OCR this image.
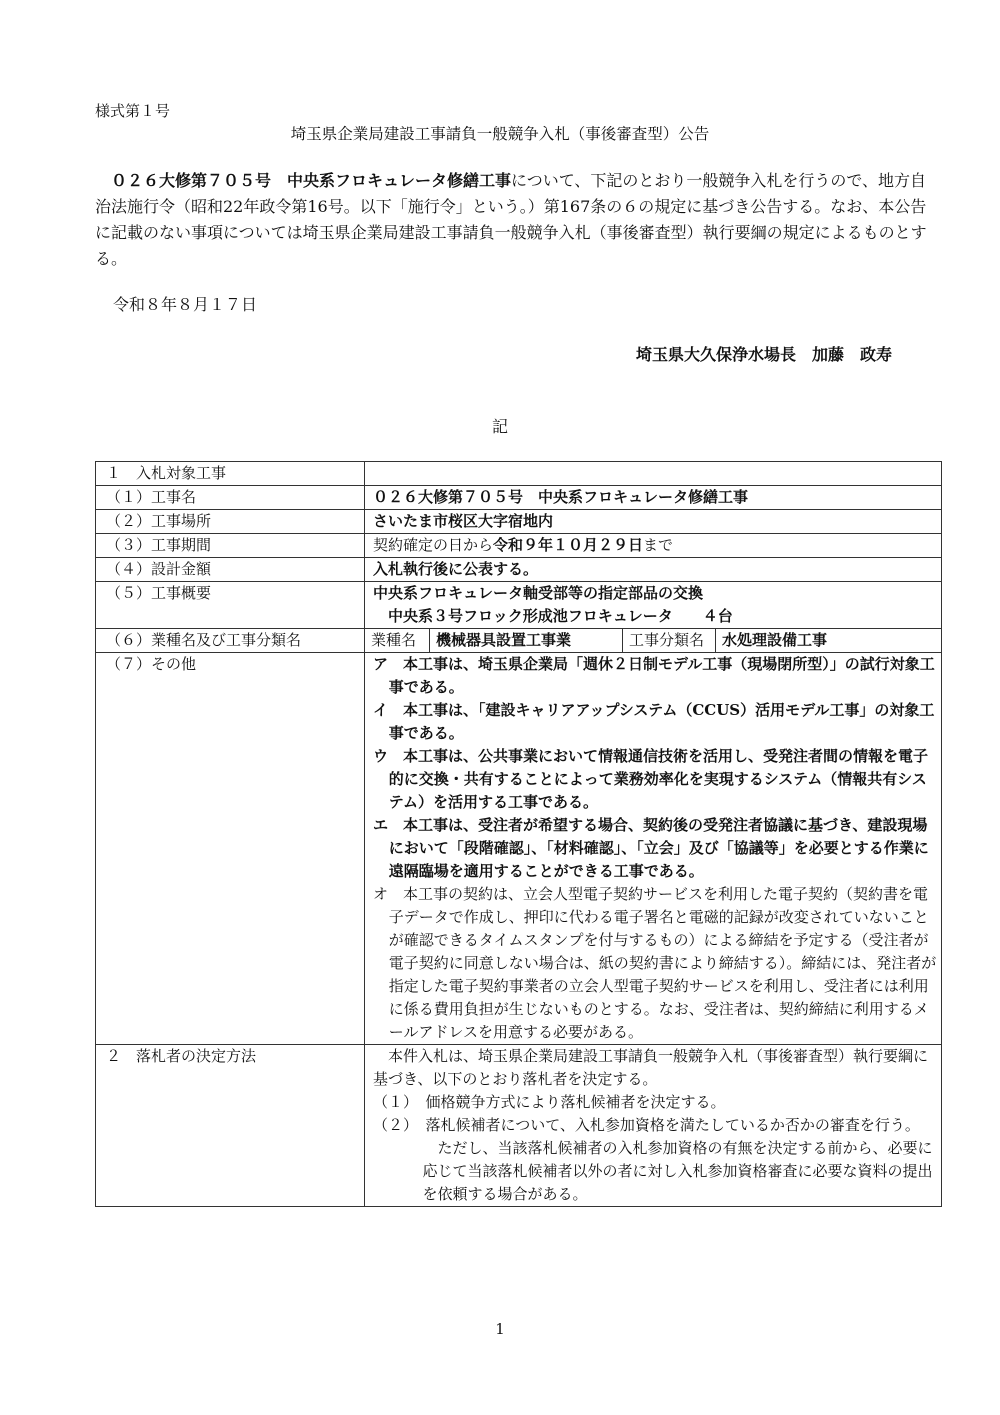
様式第１号
埼玉県企業局建設工事請負一般競争入札（事後審査型）公告

０２６大修第７０５号　中央系フロキュレータ修繕工事について、下記のとおり一般競争入札を行うので、地方自治法施行令（昭和22年政令第16号。以下「施行令」という。）第167条の６の規定に基づき公告する。なお、本公告に記載のない事項については埼玉県企業局建設工事請負一般競争入札（事後審査型）執行要綱の規定によるものとする。

令和８年８月１７日
埼玉県大久保浄水場長　加藤　政寿
記
１　入札対象工事	
（１）工事名	０２６大修第７０５号　中央系フロキュレータ修繕工事
（２）工事場所	さいたま市桜区大字宿地内
（３）工事期間	契約確定の日から令和９年１０月２９日まで
（４）設計金額	入札執行後に公表する。
（５）工事概要	中央系フロキュレータ軸受部等の指定部品の交換
　中央系３号フロック形成池フロキュレータ　　４台

（６）業種名及び工事分類名		業種名	機械器具設置工事業	工事分類名	水処理設備工事

（７）その他	ア　本工事は、埼玉県企業局「週休２日制モデル工事（現場閉所型）」の試行対象工事である。
イ　本工事は、「建設キャリアアップシステム（CCUS）活用モデル工事」の対象工事である。
ウ　本工事は、公共事業において情報通信技術を活用し、受発注者間の情報を電子的に交換・共有することによって業務効率化を実現するシステム（情報共有システム）を活用する工事である。
エ　本工事は、受注者が希望する場合、契約後の受発注者協議に基づき、建設現場において「段階確認」、「材料確認」、「立会」及び「協議等」を必要とする作業に遠隔臨場を適用することができる工事である。
オ　本工事の契約は、立会人型電子契約サービスを利用した電子契約（契約書を電子データで作成し、押印に代わる電子署名と電磁的記録が改変されていないことが確認できるタイムスタンプを付与するもの）による締結を予定する（受注者が電子契約に同意しない場合は、紙の契約書により締結する）。締結には、発注者が指定した電子契約事業者の立会人型電子契約サービスを利用し、受注者には利用に係る費用負担が生じないものとする。なお、受注者は、契約締結に利用するメールアドレスを用意する必要がある。

２　落札者の決定方法	本件入札は、埼玉県企業局建設工事請負一般競争入札（事後審査型）執行要綱に基づき、以下のとおり落札者を決定する。
（１）　価格競争方式により落札候補者を決定する。
（２）　落札候補者について、入札参加資格を満たしているか否かの審査を行う。
ただし、当該落札候補者の入札参加資格の有無を決定する前から、必要に応じて当該落札候補者以外の者に対し入札参加資格審査に必要な資料の提出を依頼する場合がある。
1
